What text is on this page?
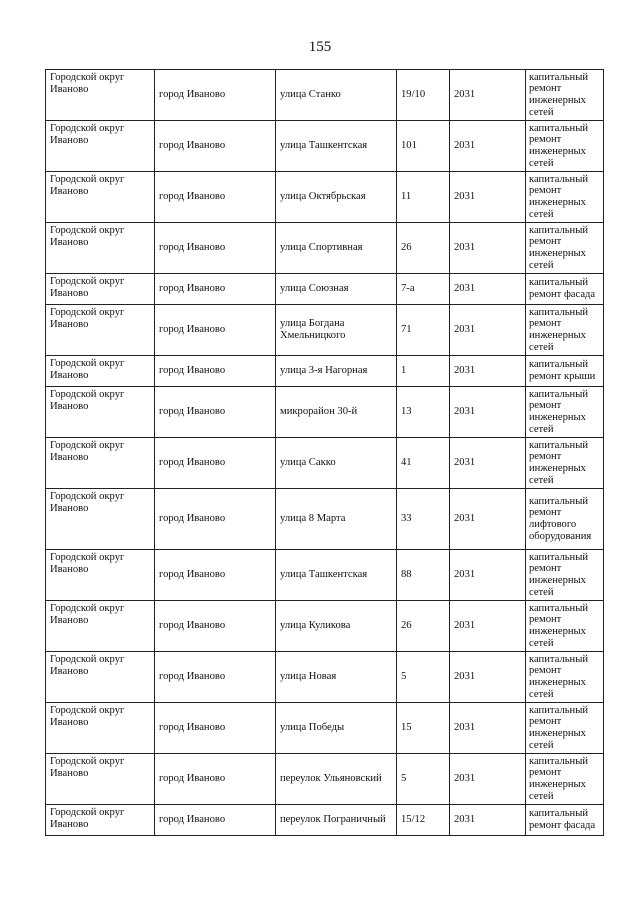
155
Городской округ Иваново	город Иваново	улица Станко	19/10	2031	капитальный ремонт инженерных сетей
Городской округ Иваново	город Иваново	улица Ташкентская	101	2031	капитальный ремонт инженерных сетей
Городской округ Иваново	город Иваново	улица Октябрьская	11	2031	капитальный ремонт инженерных сетей
Городской округ Иваново	город Иваново	улица Спортивная	26	2031	капитальный ремонт инженерных сетей
Городской округ Иваново	город Иваново	улица Союзная	7-а	2031	капитальный ремонт фасада
Городской округ Иваново	город Иваново	улица Богдана Хмельницкого	71	2031	капитальный ремонт инженерных сетей
Городской округ Иваново	город Иваново	улица 3-я Нагорная	1	2031	капитальный ремонт крыши
Городской округ Иваново	город Иваново	микрорайон 30-й	13	2031	капитальный ремонт инженерных сетей
Городской округ Иваново	город Иваново	улица Сакко	41	2031	капитальный ремонт инженерных сетей
Городской округ Иваново	город Иваново	улица 8 Марта	33	2031	капитальный ремонт лифтового оборудования
Городской округ Иваново	город Иваново	улица Ташкентская	88	2031	капитальный ремонт инженерных сетей
Городской округ Иваново	город Иваново	улица Куликова	26	2031	капитальный ремонт инженерных сетей
Городской округ Иваново	город Иваново	улица Новая	5	2031	капитальный ремонт инженерных сетей
Городской округ Иваново	город Иваново	улица Победы	15	2031	капитальный ремонт инженерных сетей
Городской округ Иваново	город Иваново	переулок Ульяновский	5	2031	капитальный ремонт инженерных сетей
Городской округ Иваново	город Иваново	переулок Пограничный	15/12	2031	капитальный ремонт фасада
